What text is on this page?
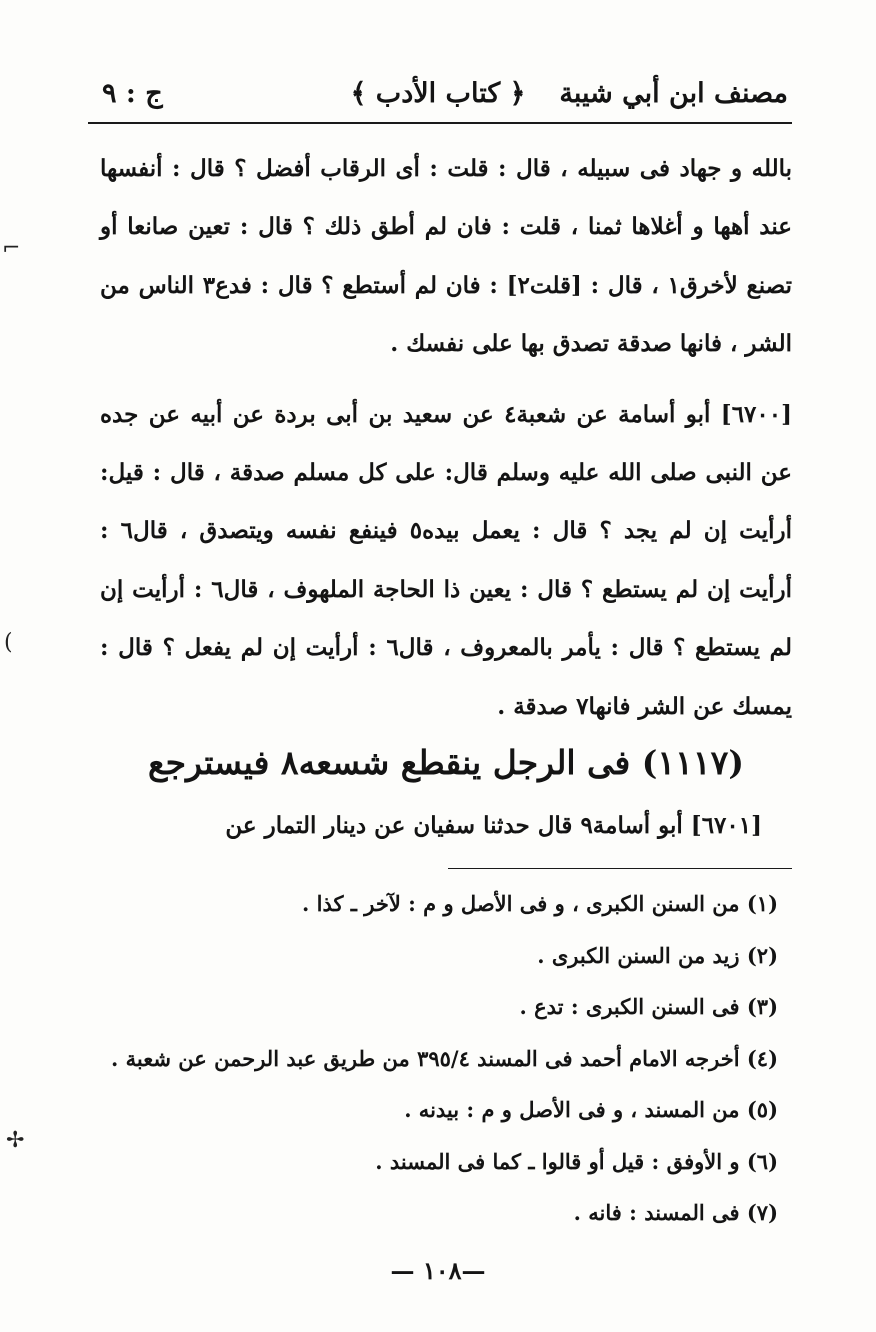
مصنف ابن أبي شيبة
﴿ كتاب الأدب ﴾
ج : ٩

بالله و جهاد فى سبيله ، قال : قلت : أى الرقاب أفضل ؟ قال : أنفسها عند أهها و أغلاها ثمنا ، قلت : فان لم أطق ذلك ؟ قال : تعين صانعا أو تصنع لأخرق١ ، قال : [قلت٢] : فان لم أستطع ؟ قال : فدع٣ الناس من الشر ، فانها صدقة تصدق بها على نفسك .

[٦٧٠٠] أبو أسامة عن شعبة٤ عن سعيد بن أبى بردة عن أبيه عن جده عن النبى صلى الله عليه وسلم قال: على كل مسلم صدقة ، قال : قيل: أرأيت إن لم يجد ؟ قال : يعمل بيده٥ فينفع نفسه ويتصدق ، قال٦ : أرأيت إن لم يستطع ؟ قال : يعين ذا الحاجة الملهوف ، قال٦ : أرأيت إن لم يستطع ؟ قال : يأمر بالمعروف ، قال٦ : أرأيت إن لم يفعل ؟ قال : يمسك عن الشر فانها٧ صدقة .

(١١١٧) فى الرجل ينقطع شسعه٨ فيسترجع
[٦٧٠١] أبو أسامة٩ قال حدثنا سفيان عن دينار التمار عن
(١) من السنن الكبرى ، و فى الأصل و م : لآخر ـ كذا .
(٢) زيد من السنن الكبرى .
(٣) فى السنن الكبرى : تدع .
(٤) أخرجه الامام أحمد فى المسند ٣٩٥/٤ من طريق عبد الرحمن عن شعبة .
(٥) من المسند ، و فى الأصل و م : بيدنه .
(٦) و الأوفق : قيل أو قالوا ـ كما فى المسند .
(٧) فى المسند : فانه .
—١٠٨ —
⌐
(
✢
